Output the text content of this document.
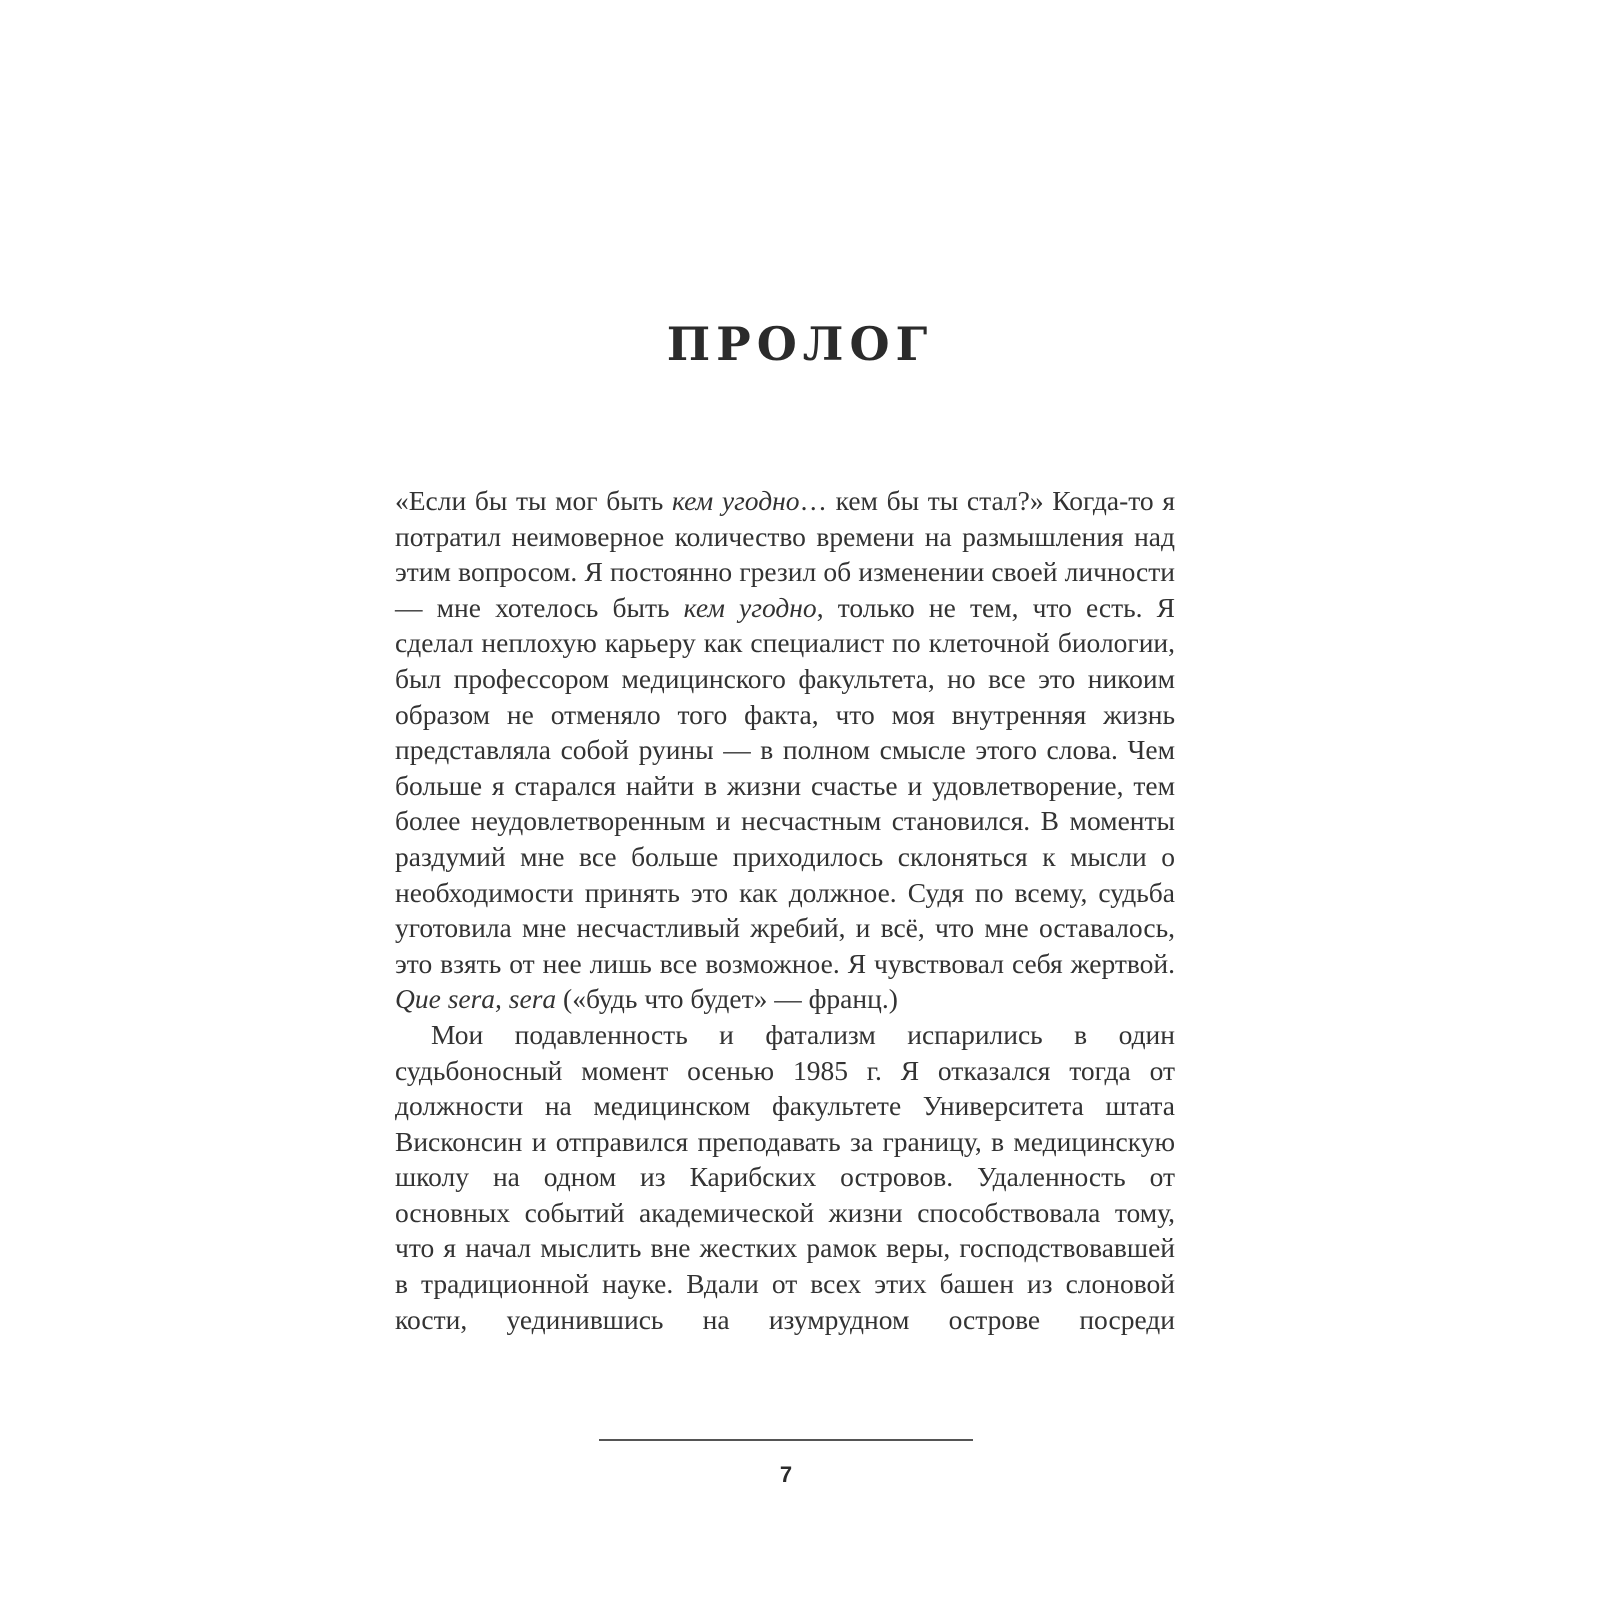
ПРОЛОГ

«Если бы ты мог быть кем угодно… кем бы ты стал?» Когда-то я потратил неимоверное количество времени на размышления над этим вопросом. Я постоянно грезил об изменении своей личности — мне хотелось быть кем угодно, только не тем, что есть. Я сделал неплохую карьеру как специалист по клеточной биологии, был профессором медицинского факультета, но все это никоим образом не отменяло того факта, что моя внутренняя жизнь представляла собой руины — в полном смысле этого слова. Чем больше я старался найти в жизни счастье и удовлетворение, тем более неудовлетворенным и несчастным становился. В моменты раздумий мне все больше приходилось склоняться к мысли о необходимости принять это как должное. Судя по всему, судьба уготовила мне несчастливый жребий, и всё, что мне оставалось, это взять от нее лишь все возможное. Я чувствовал себя жертвой. Que sera, sera («будь что будет» — франц.)

Мои подавленность и фатализм испарились в один судьбоносный момент осенью 1985 г. Я отказался тогда от должности на медицинском факультете Университета штата Висконсин и отправился преподавать за границу, в медицинскую школу на одном из Карибских островов. Удаленность от основных событий академической жизни способствовала тому, что я начал мыслить вне жестких рамок веры, господствовавшей в традиционной науке. Вдали от всех этих башен из слоновой кости, уединившись на изумрудном острове посреди

7
